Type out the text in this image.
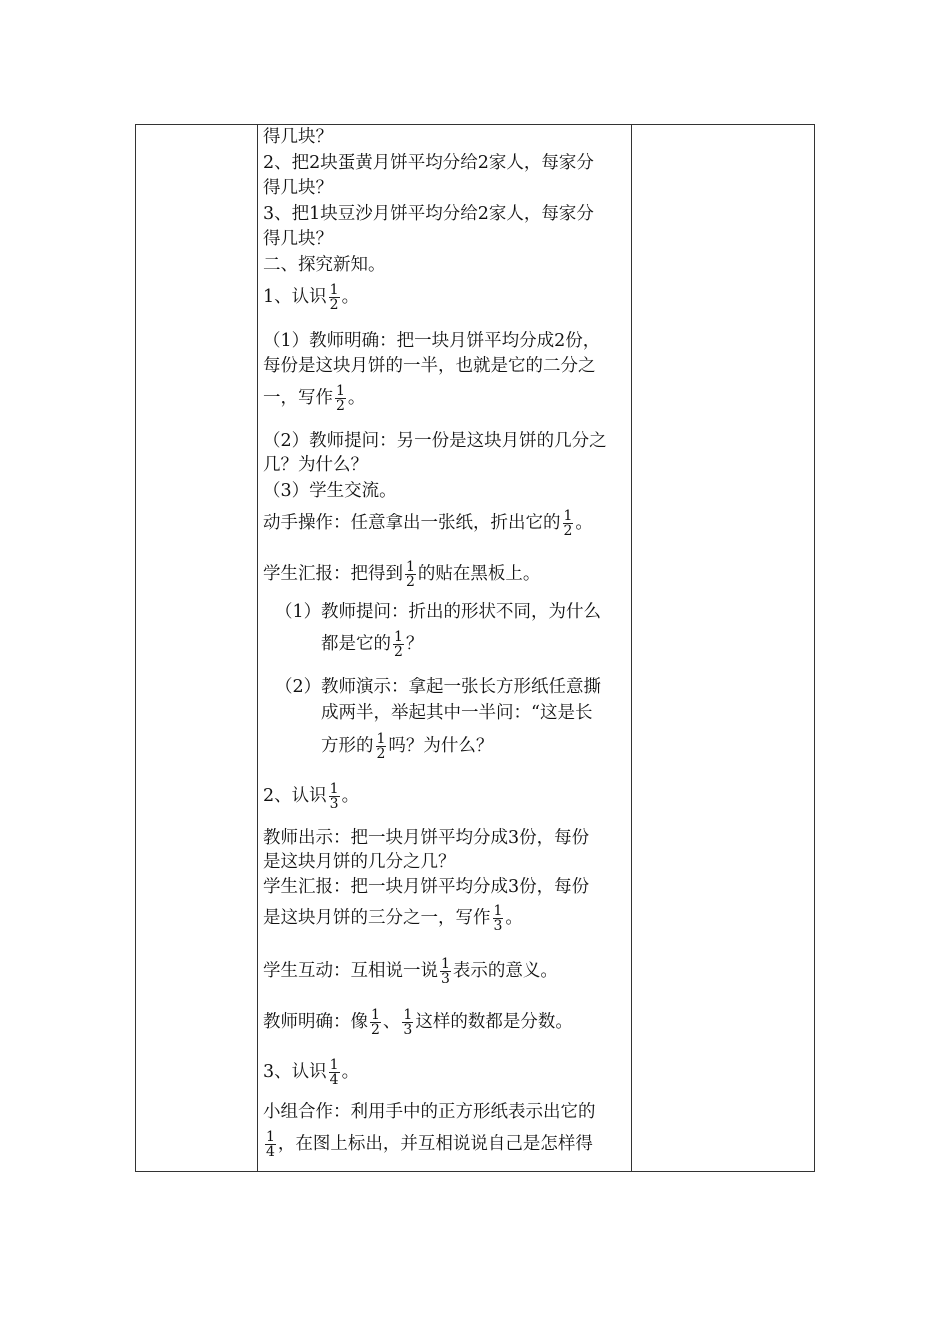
得几块？
2、把2块蛋黄月饼平均分给2家人，每家分
得几块？
3、把1块豆沙月饼平均分给2家人，每家分
得几块？
二、探究新知。
1、认识 $\frac{1}{2}$ 。
（1）教师明确：把一块月饼平均分成2份，
每份是这块月饼的一半，也就是它的二分之
一，写作 $\frac{1}{2}$ 。
（2）教师提问：另一份是这块月饼的几分之
几？为什么？
（3）学生交流。
动手操作：任意拿出一张纸，折出它的 $\frac{1}{2}$ 。
学生汇报：把得到 $\frac{1}{2}$ 的贴在黑板上。
（1） 教师提问：折出的形状不同，为什么
都是它的 $\frac{1}{2}$ ？
（2） 教师演示：拿起一张长方形纸任意撕
成两半，举起其中一半问：“这是长
方形的 $\frac{1}{2}$ 吗？为什么？
2、认识 $\frac{1}{3}$ 。
教师出示：把一块月饼平均分成3份，每份
是这块月饼的几分之几？
学生汇报：把一块月饼平均分成3份，每份
是这块月饼的三分之一，写作 $\frac{1}{3}$ 。
学生互动：互相说一说 $\frac{1}{3}$ 表示的意义。
教师明确：像 $\frac{1}{2}$ 、 $\frac{1}{3}$ 这样的数都是分数。
3、认识 $\frac{1}{4}$ 。
小组合作：利用手中的正方形纸表示出它的
$\frac{1}{4}$ ，在图上标出，并互相说说自己是怎样得
